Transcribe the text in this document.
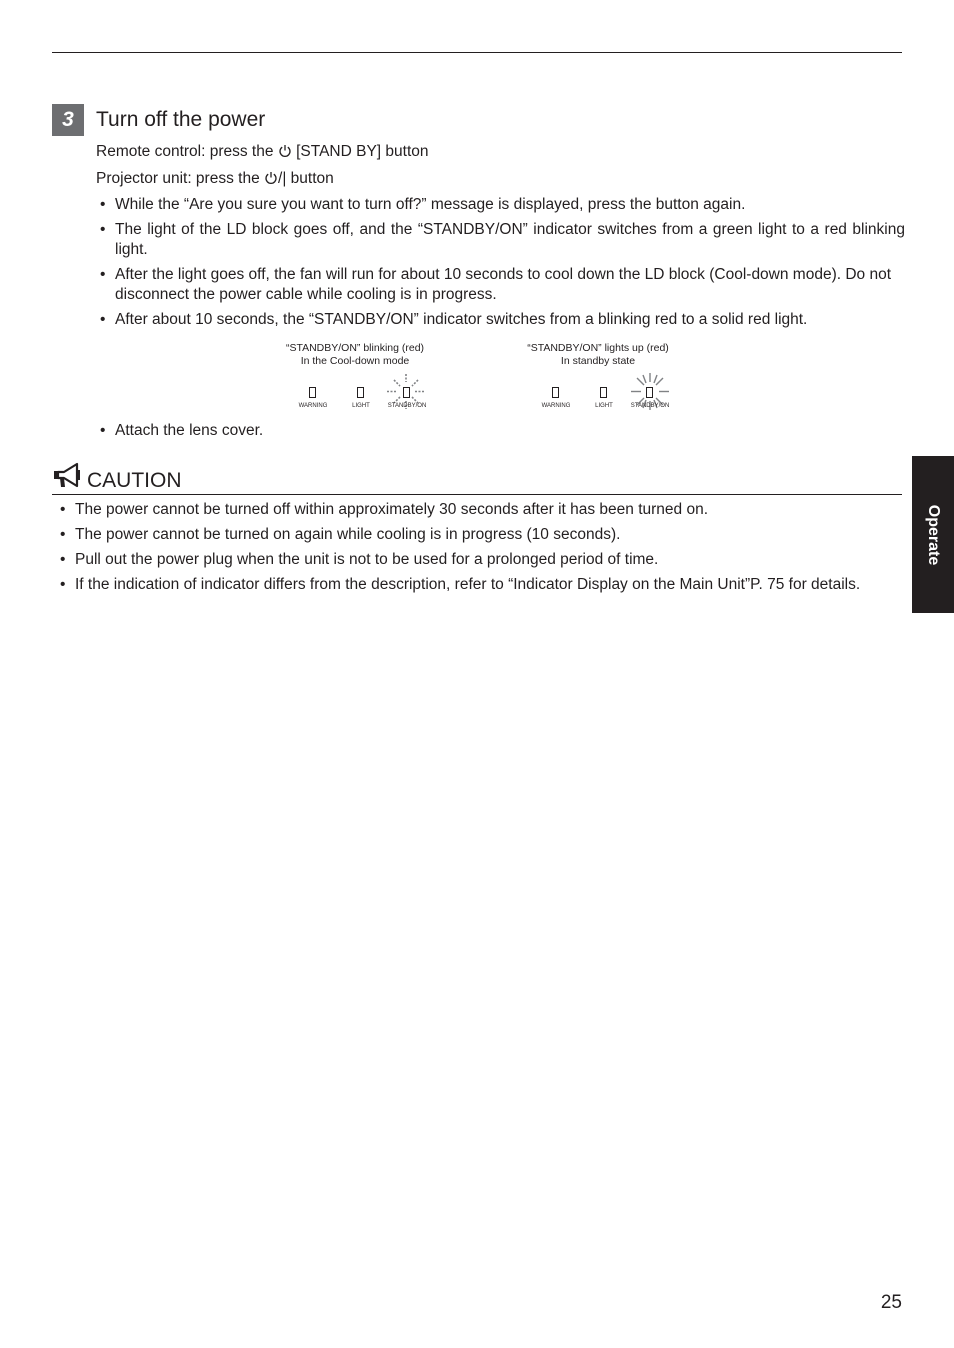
3	Turn off the power
Remote control: press the [STAND BY] button
Projector unit: press the /| button
• While the “Are you sure you want to turn off?” message is displayed, press the button again.
• The light of the LD block goes off, and the “STANDBY/ON” indicator switches from a green light to a red blinking light.
• After the light goes off, the fan will run for about 10 seconds to cool down the LD block (Cool-down mode). Do not disconnect the power cable while cooling is in progress.
• After about 10 seconds, the “STANDBY/ON” indicator switches from a blinking red to a solid red light.
“STANDBY/ON” blinking (red)
In the Cool-down mode
WARNING	LIGHT	STANDBY/ON
“STANDBY/ON” lights up (red)
In standby state
WARNING	LIGHT	STANDBY/ON
• Attach the lens cover.
CAUTION
• The power cannot be turned off within approximately 30 seconds after it has been turned on.
• The power cannot be turned on again while cooling is in progress (10 seconds).
• Pull out the power plug when the unit is not to be used for a prolonged period of time.
• If the indication of indicator differs from the description, refer to “Indicator Display on the Main Unit”P. 75 for details.
Operate
25
